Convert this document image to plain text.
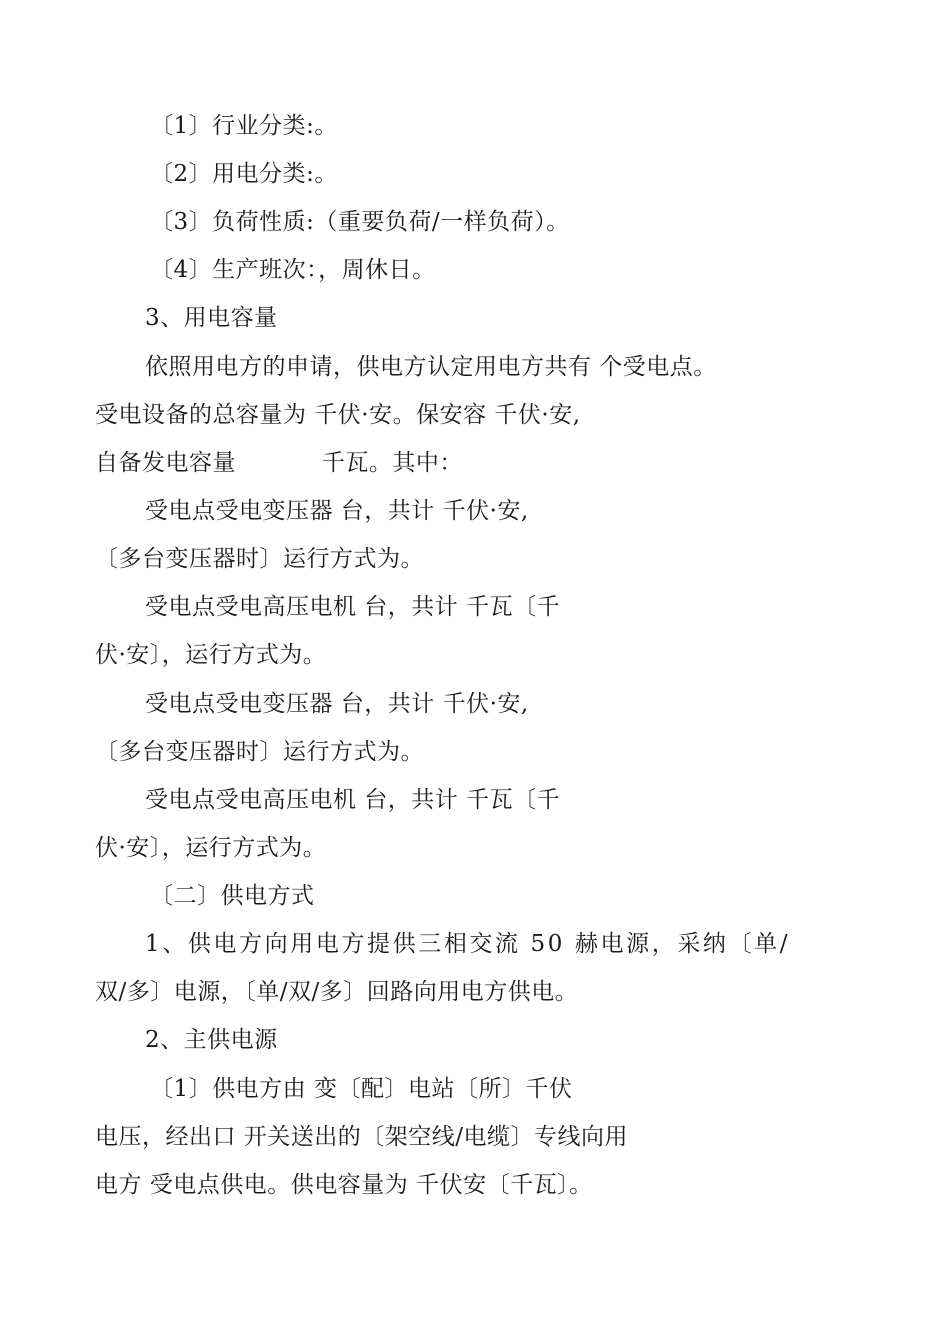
〔1〕行业分类:。
〔2〕用电分类:。
〔3〕负荷性质:（重要负荷/一样负荷）。
〔4〕生产班次：，周休日。
3、用电容量
依照用电方的申请，供电方认定用电方共有 个受电点。
受电设备的总容量为 千伏·安。保安容 千伏·安,
自备发电容量           千瓦。其中：
受电点受电变压器 台，共计 千伏·安,
〔多台变压器时〕运行方式为。
受电点受电高压电机 台，共计 千瓦〔千
伏·安〕，运行方式为。
受电点受电变压器 台，共计 千伏·安,
〔多台变压器时〕运行方式为。
受电点受电高压电机 台，共计 千瓦〔千
伏·安〕，运行方式为。
〔二〕供电方式
1、供电方向用电方提供三相交流 50 赫电源，采纳〔单/
双/多〕电源，〔单/双/多〕回路向用电方供电。
2、主供电源
〔1〕供电方由 变〔配〕电站〔所〕千伏
电压，经出口 开关送出的〔架空线/电缆〕专线向用
电方 受电点供电。供电容量为 千伏安〔千瓦〕。
